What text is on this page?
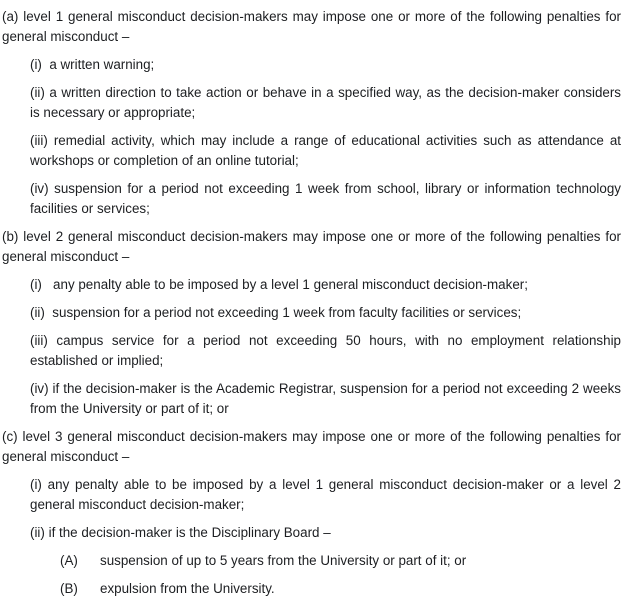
(a) level 1 general misconduct decision-makers may impose one or more of the following penalties for general misconduct –
(i)  a written warning;
(ii) a written direction to take action or behave in a specified way, as the decision-maker considers is necessary or appropriate;
(iii) remedial activity, which may include a range of educational activities such as attendance at workshops or completion of an online tutorial;
(iv) suspension for a period not exceeding 1 week from school, library or information technology facilities or services;
(b) level 2 general misconduct decision-makers may impose one or more of the following penalties for general misconduct –
(i)   any penalty able to be imposed by a level 1 general misconduct decision-maker;
(ii)  suspension for a period not exceeding 1 week from faculty facilities or services;
(iii) campus service for a period not exceeding 50 hours, with no employment relationship established or implied;
(iv) if the decision-maker is the Academic Registrar, suspension for a period not exceeding 2 weeks from the University or part of it; or
(c) level 3 general misconduct decision-makers may impose one or more of the following penalties for general misconduct –
(i) any penalty able to be imposed by a level 1 general misconduct decision-maker or a level 2 general misconduct decision-maker;
(ii) if the decision-maker is the Disciplinary Board –
(A)	suspension of up to 5 years from the University or part of it; or
(B)	expulsion from the University.
